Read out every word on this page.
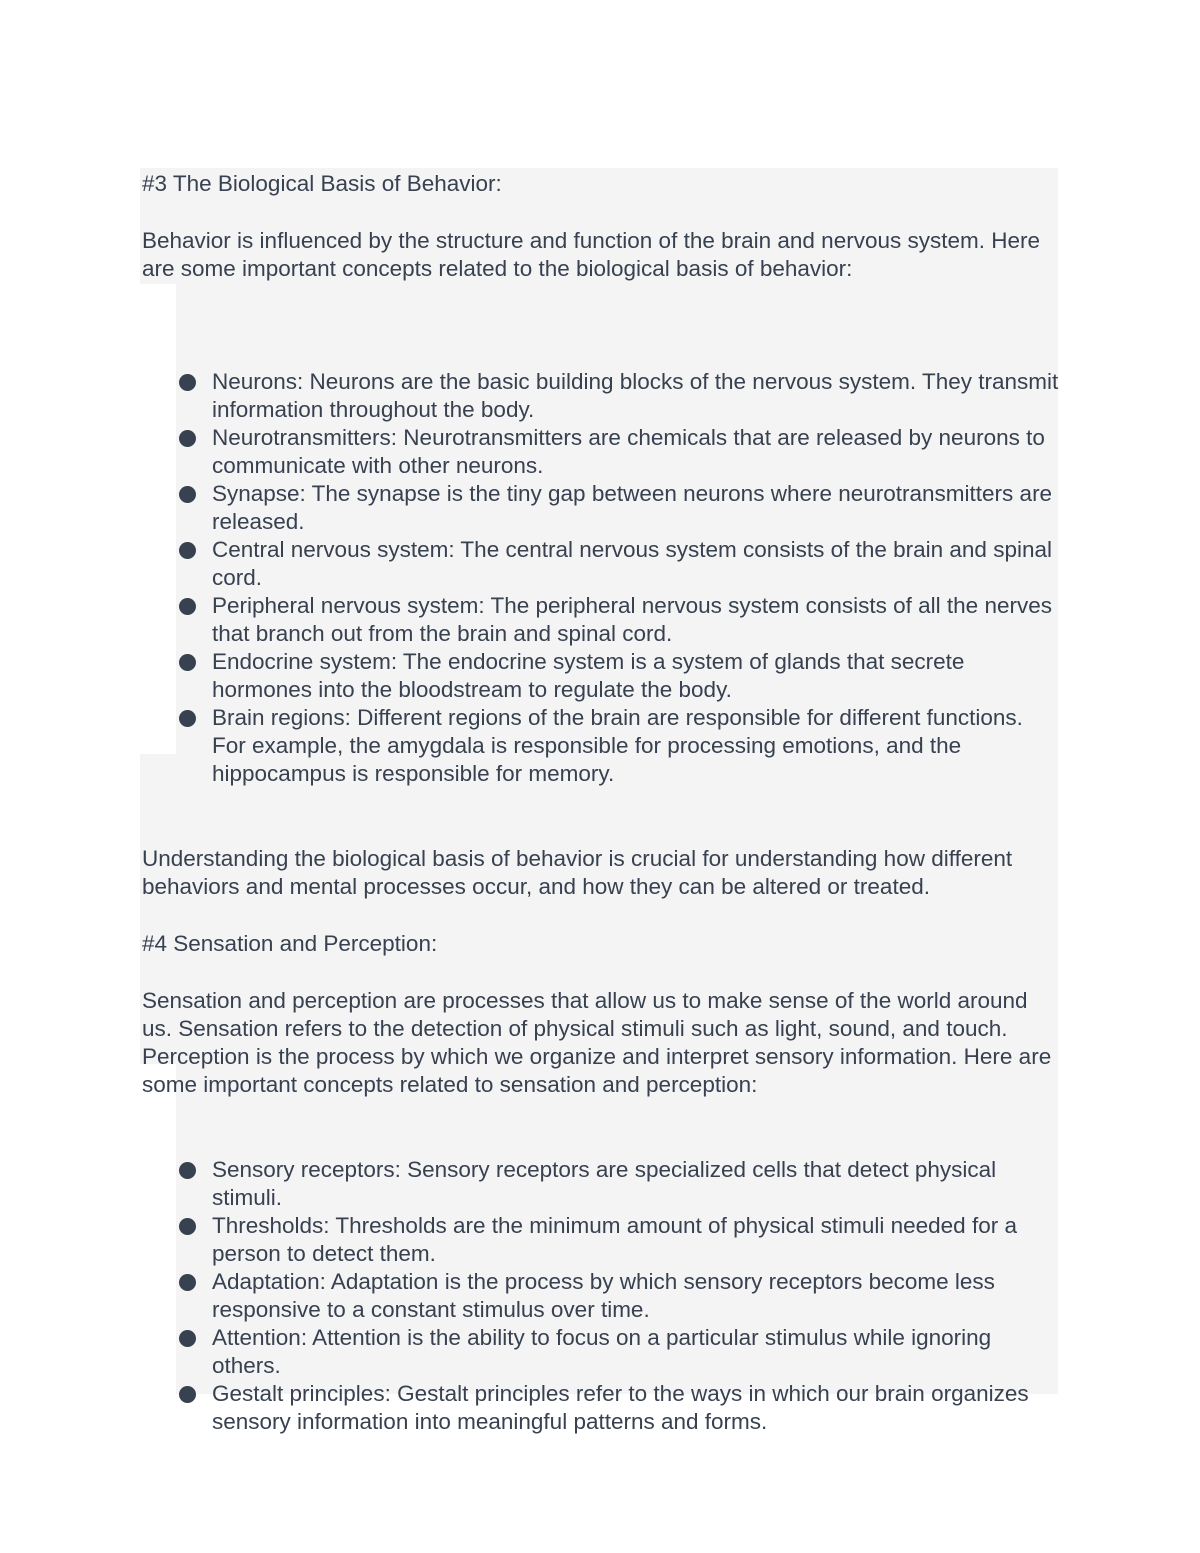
#3 The Biological Basis of Behavior:

Behavior is influenced by the structure and function of the brain and nervous system. Here are some important concepts related to the biological basis of behavior:

Neurons: Neurons are the basic building blocks of the nervous system. They transmit information throughout the body.
Neurotransmitters: Neurotransmitters are chemicals that are released by neurons to communicate with other neurons.
Synapse: The synapse is the tiny gap between neurons where neurotransmitters are released.
Central nervous system: The central nervous system consists of the brain and spinal cord.
Peripheral nervous system: The peripheral nervous system consists of all the nerves that branch out from the brain and spinal cord.
Endocrine system: The endocrine system is a system of glands that secrete hormones into the bloodstream to regulate the body.
Brain regions: Different regions of the brain are responsible for different functions. For example, the amygdala is responsible for processing emotions, and the hippocampus is responsible for memory.

Understanding the biological basis of behavior is crucial for understanding how different behaviors and mental processes occur, and how they can be altered or treated.

#4 Sensation and Perception:

Sensation and perception are processes that allow us to make sense of the world around us. Sensation refers to the detection of physical stimuli such as light, sound, and touch. Perception is the process by which we organize and interpret sensory information. Here are some important concepts related to sensation and perception:

Sensory receptors: Sensory receptors are specialized cells that detect physical stimuli.
Thresholds: Thresholds are the minimum amount of physical stimuli needed for a person to detect them.
Adaptation: Adaptation is the process by which sensory receptors become less responsive to a constant stimulus over time.
Attention: Attention is the ability to focus on a particular stimulus while ignoring others.
Gestalt principles: Gestalt principles refer to the ways in which our brain organizes sensory information into meaningful patterns and forms.
